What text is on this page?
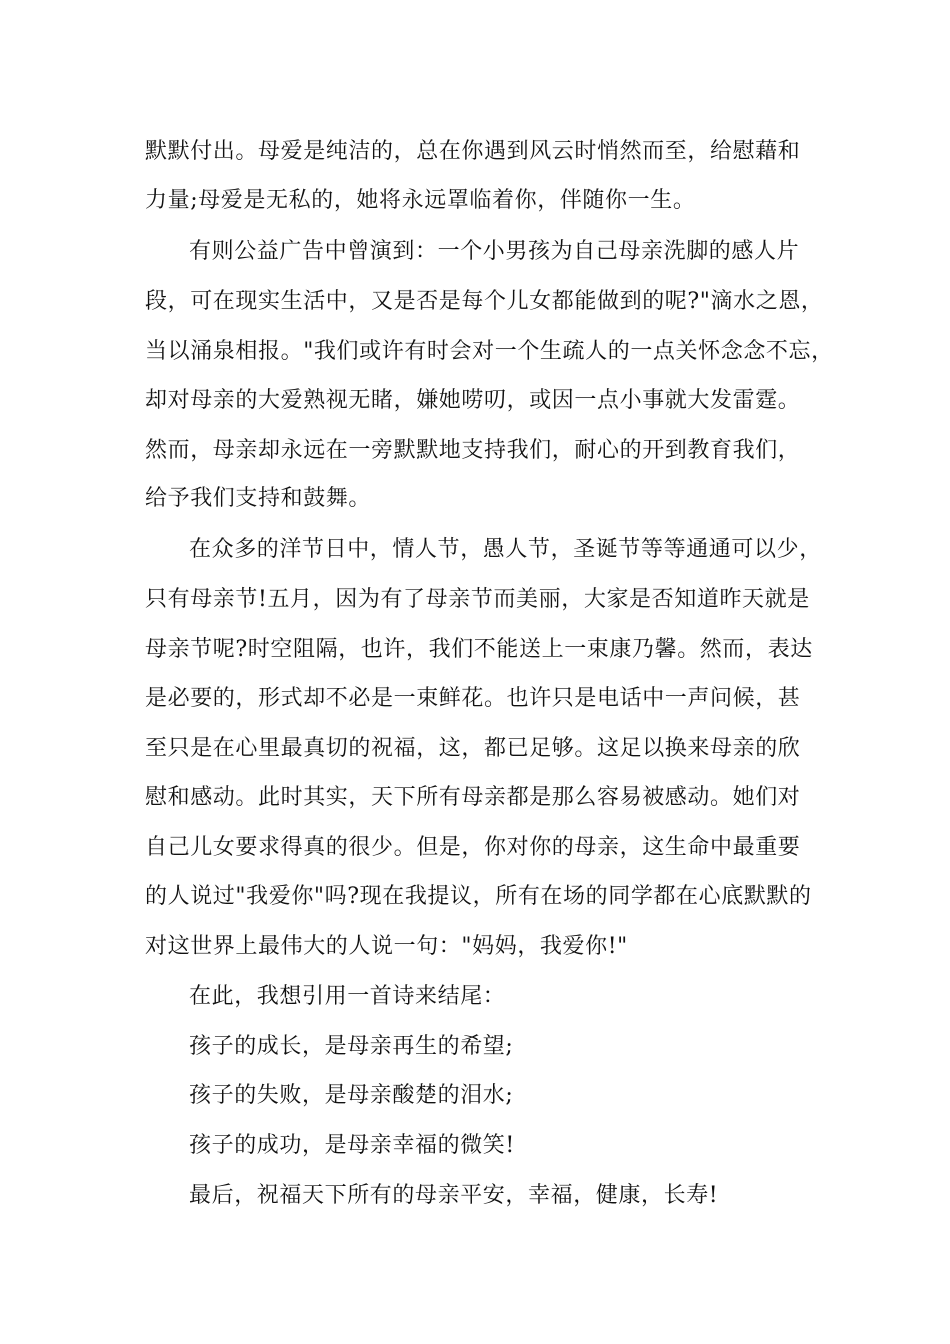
默默付出。母爱是纯洁的，总在你遇到风云时悄然而至，给慰藉和
力量;母爱是无私的，她将永远罩临着你，伴随你一生。
有则公益广告中曾演到：一个小男孩为自己母亲洗脚的感人片
段，可在现实生活中，又是否是每个儿女都能做到的呢?"滴水之恩，
当以涌泉相报。"我们或许有时会对一个生疏人的一点关怀念念不忘，
却对母亲的大爱熟视无睹，嫌她唠叨，或因一点小事就大发雷霆。
然而，母亲却永远在一旁默默地支持我们，耐心的开到教育我们，
给予我们支持和鼓舞。
在众多的洋节日中，情人节，愚人节，圣诞节等等通通可以少，
只有母亲节!五月，因为有了母亲节而美丽，大家是否知道昨天就是
母亲节呢?时空阻隔，也许，我们不能送上一束康乃馨。然而，表达
是必要的，形式却不必是一束鲜花。也许只是电话中一声问候，甚
至只是在心里最真切的祝福，这，都已足够。这足以换来母亲的欣
慰和感动。此时其实，天下所有母亲都是那么容易被感动。她们对
自己儿女要求得真的很少。但是，你对你的母亲，这生命中最重要
的人说过"我爱你"吗?现在我提议，所有在场的同学都在心底默默的
对这世界上最伟大的人说一句："妈妈，我爱你!"
在此，我想引用一首诗来结尾：
孩子的成长，是母亲再生的希望;
孩子的失败，是母亲酸楚的泪水;
孩子的成功，是母亲幸福的微笑!
最后，祝福天下所有的母亲平安，幸福，健康，长寿!
